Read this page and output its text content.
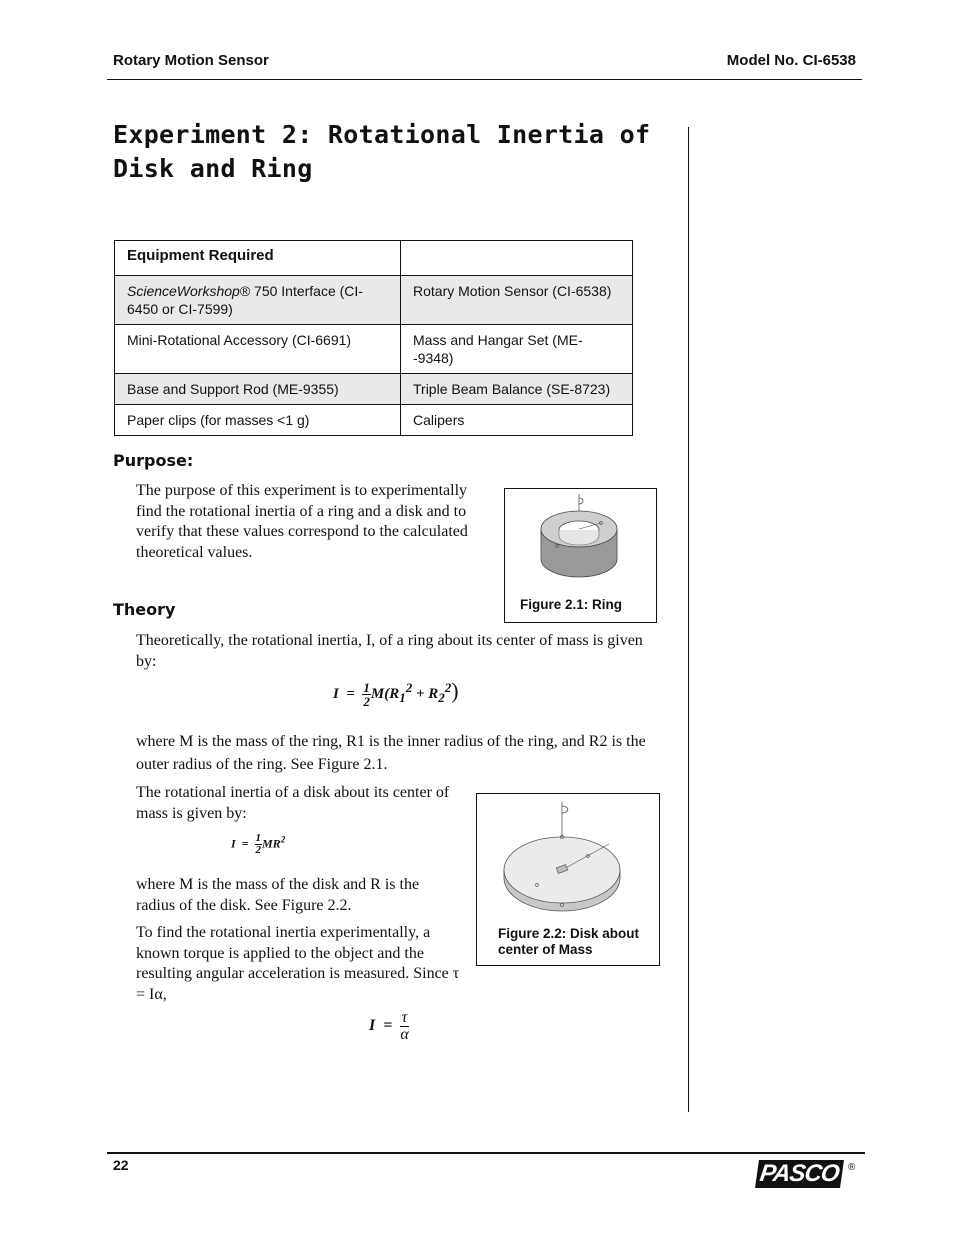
Rotary Motion Sensor	Model No. CI-6538
Experiment 2: Rotational Inertia of Disk and Ring
Equipment Required	
ScienceWorkshop® 750 Interface (CI-6450 or CI-7599)	Rotary Motion Sensor (CI-6538)
Mini-Rotational Accessory (CI-6691)	Mass and Hangar Set (ME--9348)
Base and Support Rod (ME-9355)	Triple Beam Balance (SE-8723)
Paper clips (for masses <1 g)	Calipers
Purpose:
The purpose of this experiment is to experimentally find the rotational inertia of a ring and a disk and to verify that these values correspond to the calculated theoretical values.
Figure 2.1: Ring
Theory
Theoretically, the rotational inertia, I, of a ring about its center of mass is given by:
$I = \frac{1}{2} M(R_1^2 + R_2^2)$
where M is the mass of the ring, R1 is the inner radius of the ring, and R2 is the outer radius of the ring. See Figure 2.1.
The rotational inertia of a disk about its center of mass is given by:
$I = \frac{1}{2} MR^2$
where M is the mass of the disk and R is the radius of the disk. See Figure 2.2.
To find the rotational inertia experimentally, a known torque is applied to the object and the resulting angular acceleration is measured. Since τ = Iα,
$I = \frac{\tau}{\alpha}$
Figure 2.2: Disk about center of Mass
22	PASCO ®
